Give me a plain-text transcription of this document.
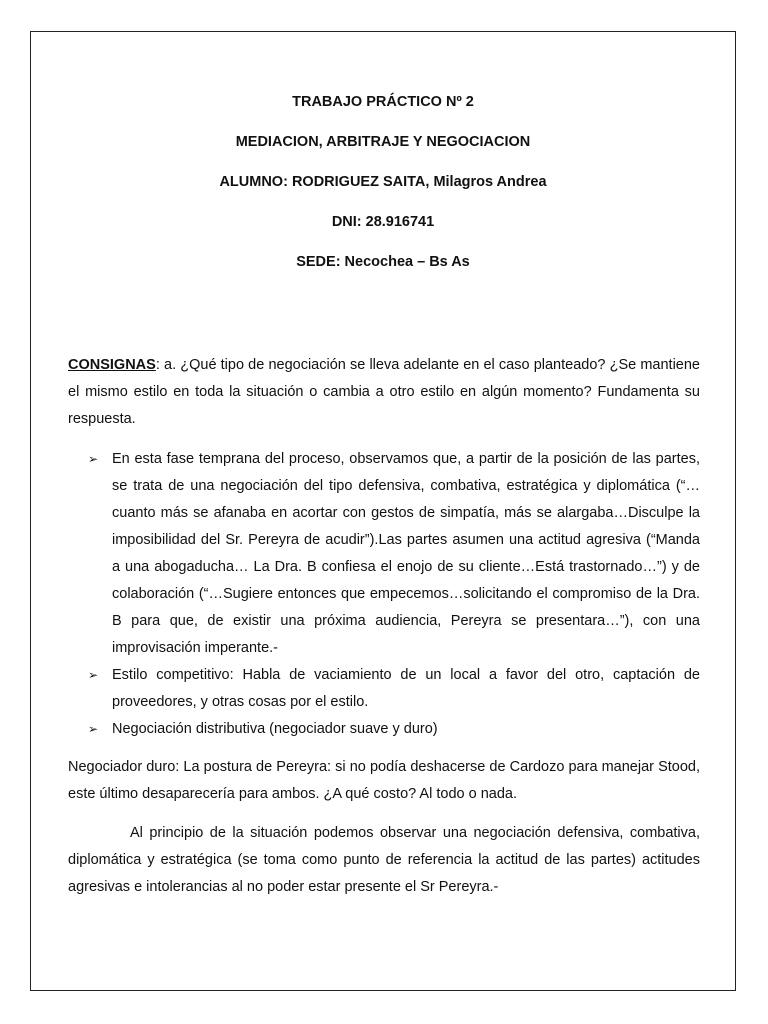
TRABAJO PRÁCTICO Nº 2
MEDIACION, ARBITRAJE Y NEGOCIACION
ALUMNO: RODRIGUEZ SAITA, Milagros Andrea
DNI: 28.916741
SEDE: Necochea – Bs As
CONSIGNAS: a. ¿Qué tipo de negociación se lleva adelante en el caso planteado? ¿Se mantiene el mismo estilo en toda la situación o cambia a otro estilo en algún momento? Fundamenta su respuesta.
➢ En esta fase temprana del proceso, observamos que, a partir de la posición de las partes, se trata de una negociación del tipo defensiva, combativa, estratégica y diplomática (“…cuanto más se afanaba en acortar con gestos de simpatía, más se alargaba…Disculpe la imposibilidad del Sr. Pereyra de acudir”).Las partes asumen una actitud agresiva (“Manda a una abogaducha… La Dra. B confiesa el enojo de su cliente…Está trastornado…”) y de colaboración (“…Sugiere entonces que empecemos…solicitando el compromiso de la Dra. B para que, de existir una próxima audiencia, Pereyra se presentara…”), con una improvisación imperante.-
➢ Estilo competitivo: Habla de vaciamiento de un local a favor del otro, captación de proveedores, y otras cosas por el estilo.
➢ Negociación distributiva (negociador suave y duro)
Negociador duro: La postura de Pereyra: si no podía deshacerse de Cardozo para manejar Stood, este último desaparecería para ambos. ¿A qué costo? Al todo o nada.
Al principio de la situación podemos observar una negociación defensiva, combativa, diplomática y estratégica (se toma como punto de referencia la actitud de las partes) actitudes agresivas e intolerancias al no poder estar presente el Sr Pereyra.-
